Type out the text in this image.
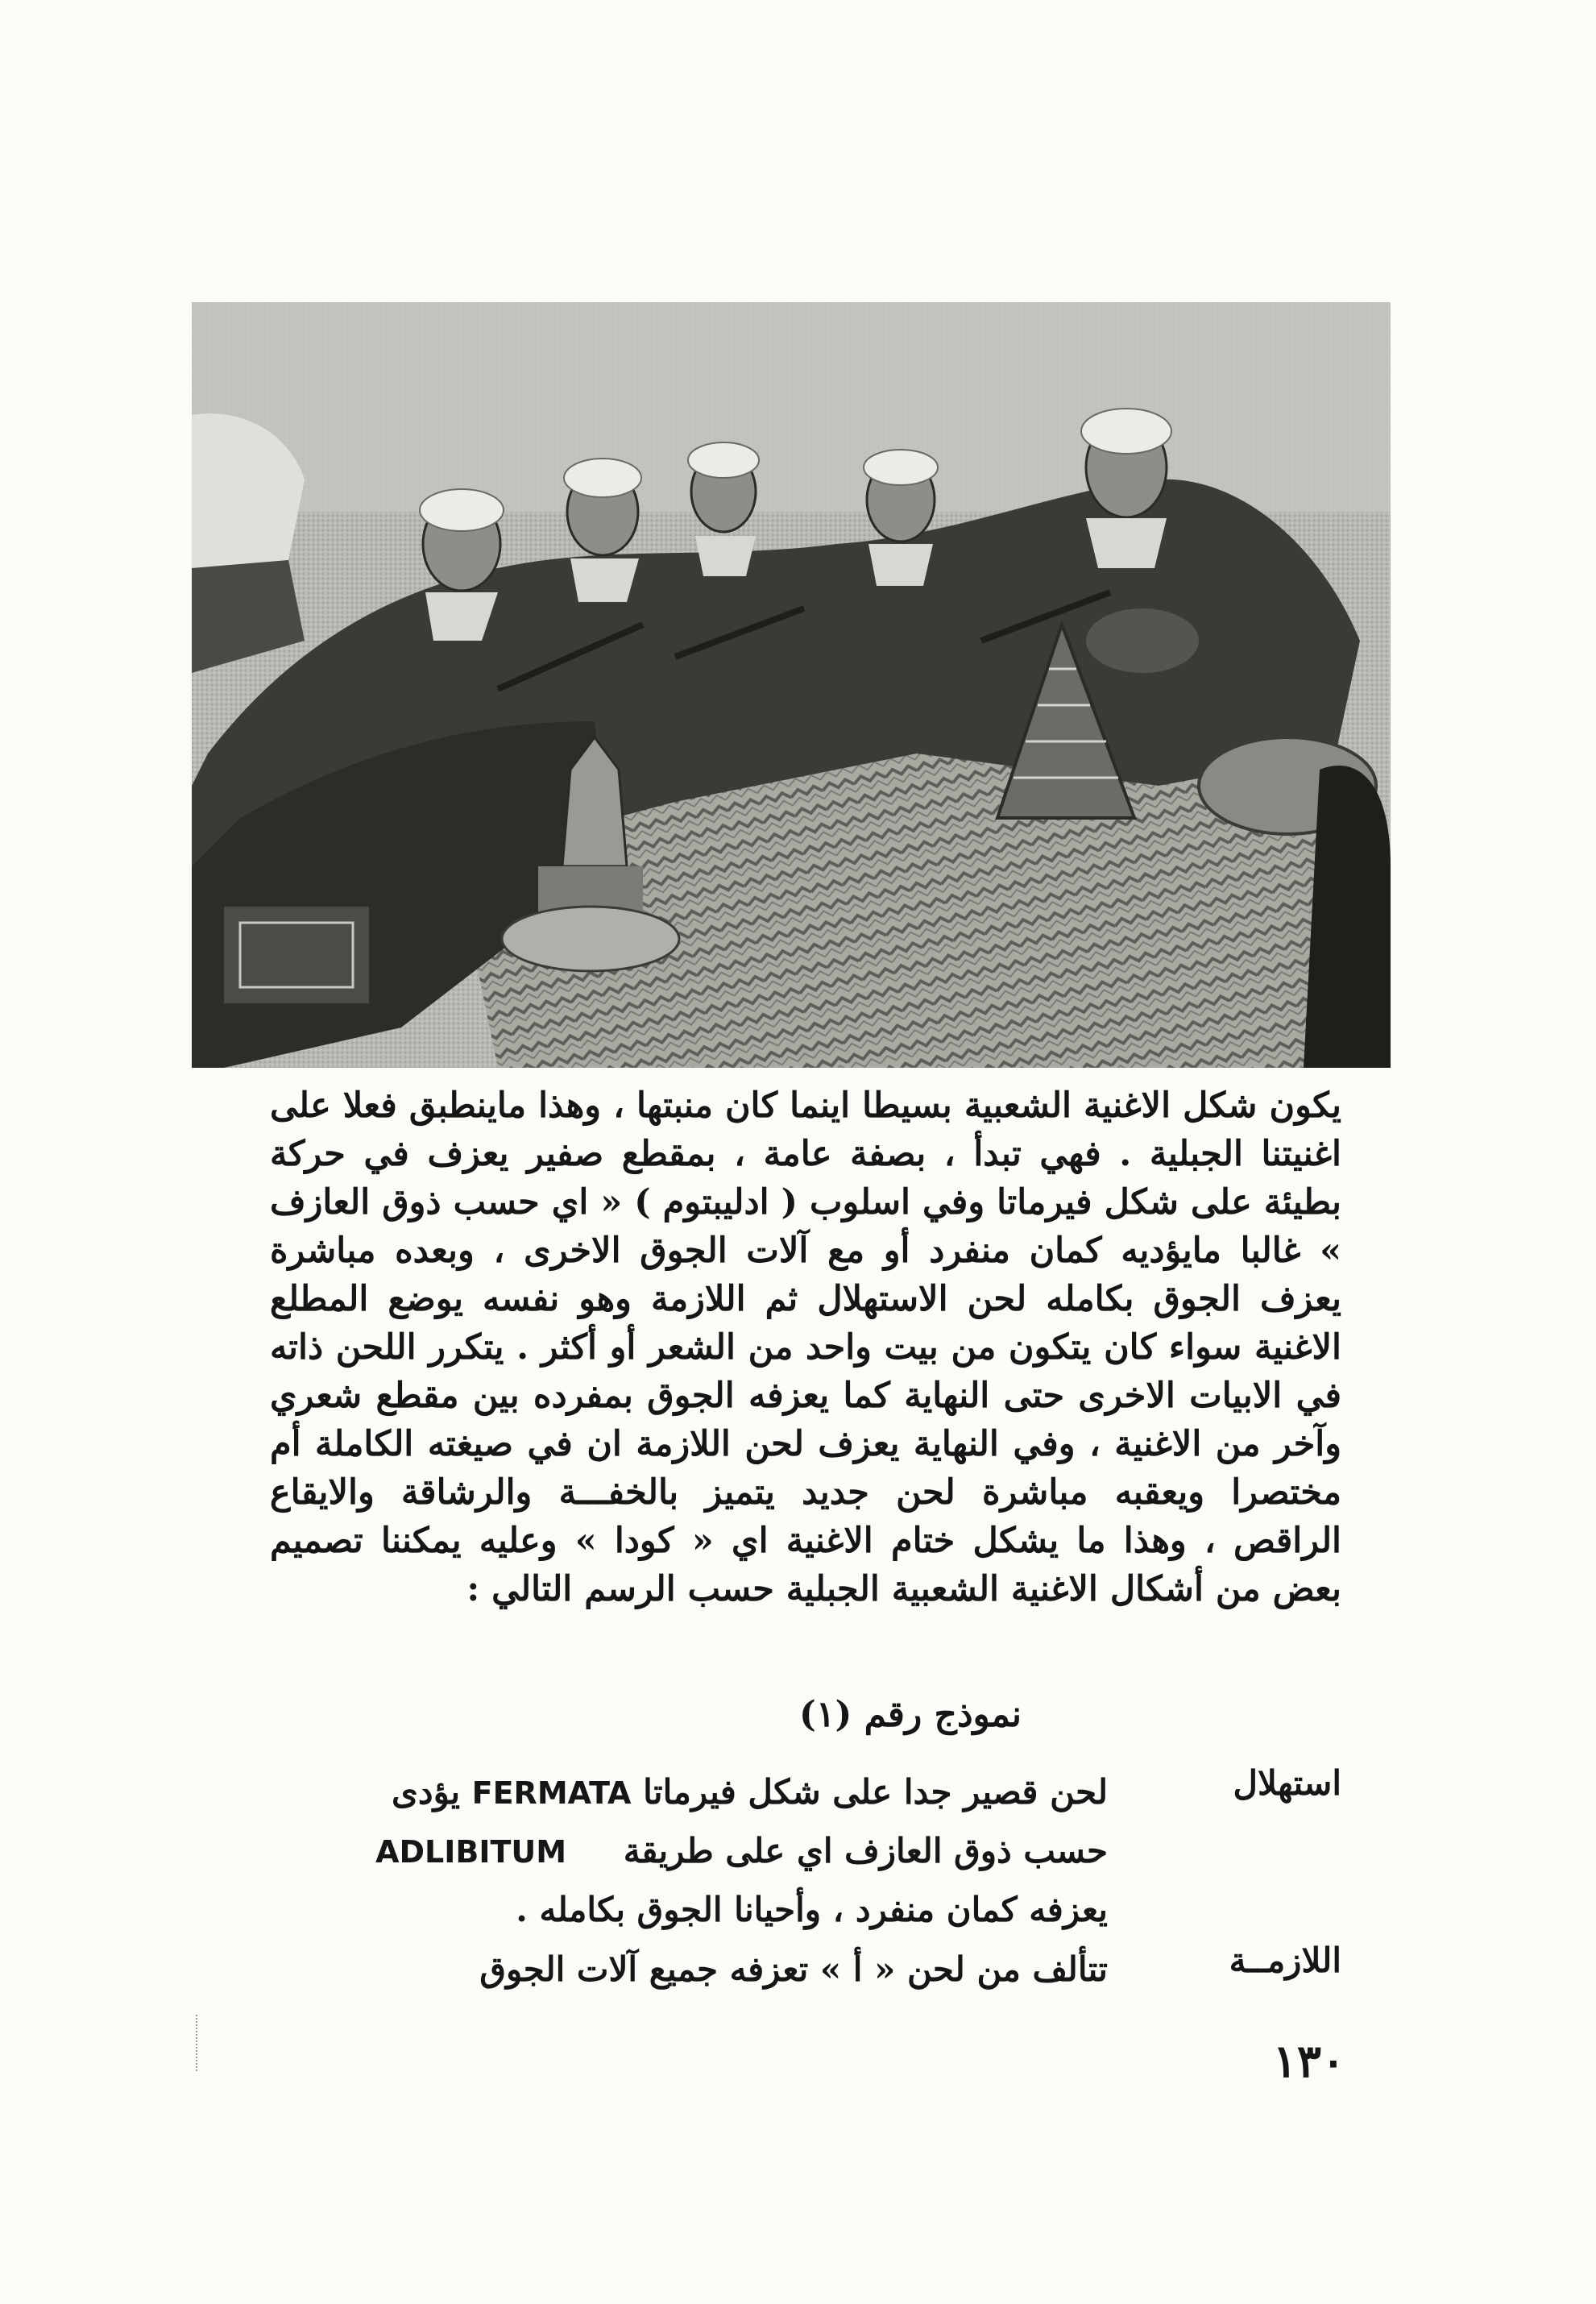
يكون شكل الاغنية الشعبية بسيطا اينما كان منبتها ، وهذا ماينطبق فعلا على اغنيتنا الجبلية . فهي تبدأ ، بصفة عامة ، بمقطع صفير يعزف في حركة بطيئة على شكل فيرماتا وفي اسلوب ( ادليبتوم ) « اي حسب ذوق العازف » غالبا مايؤديه كمان منفرد أو مع آلات الجوق الاخرى ، وبعده مباشرة يعزف الجوق بكامله لحن الاستهلال ثم اللازمة وهو نفسه يوضع المطلع الاغنية سواء كان يتكون من بيت واحد من الشعر أو أكثر . يتكرر اللحن ذاته في الابيات الاخرى حتى النهاية كما يعزفه الجوق بمفرده بين مقطع شعري وآخر من الاغنية ، وفي النهاية يعزف لحن اللازمة ان في صيغته الكاملة أم مختصرا ويعقبه مباشرة لحن جديد يتميز بالخفـــة والرشاقة والايقاع الراقص ، وهذا ما يشكل ختام الاغنية اي « كودا » وعليه يمكننا تصميم بعض من أشكال الاغنية الشعبية الجبلية حسب الرسم التالي :
نموذج رقم (١)
استهلال
لحن قصير جدا على شكل فيرماتا FERMATA يؤدى
حسب ذوق العازف اي على طريقة ADLIBITUM
يعزفه كمان منفرد ، وأحيانا الجوق بكامله .
اللازمــة
تتألف من لحن « أ » تعزفه جميع آلات الجوق
١٣٠
